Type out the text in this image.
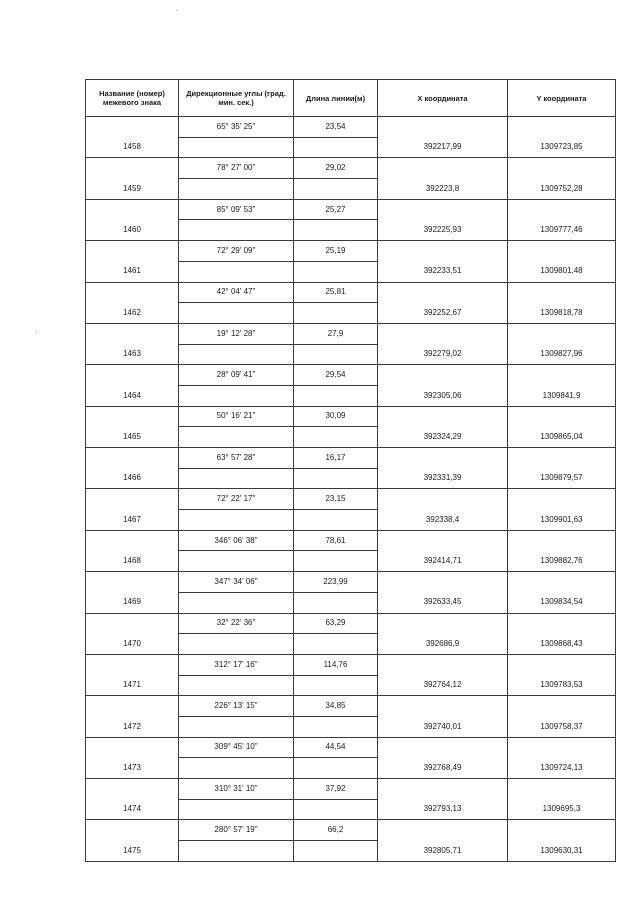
Название (номер) межевого знака	Дирекционные углы (град. мин. сек.)	Длина линии(м)	X координата	Y координата
	65° 35' 25"	23,54		
1458			392217,99	1309723,85
	78° 27' 00"	29,02		
1459			392223,8	1309752,28
	85° 09' 53"	25,27		
1460			392225,93	1309777,46
	72° 29' 09"	25,19		
1461			392233,51	1309801,48
	42° 04' 47"	25,81		
1462			392252,67	1309818,78
	19° 12' 28"	27,9		
1463			392279,02	1309827,96
	28° 09' 41"	29,54		
1464			392305,06	1309841,9
	50° 16' 21"	30,09		
1465			392324,29	1309865,04
	63° 57' 28"	16,17		
1466			392331,39	1309879,57
	72° 22' 17"	23,15		
1467			392338,4	1309901,63
	346° 06' 38"	78,61		
1468			392414,71	1309882,76
	347° 34' 06"	223,99		
1469			392633,45	1309834,54
	32° 22' 36"	63,29		
1470			392686,9	1309868,43
	312° 17' 16"	114,76		
1471			392764,12	1309783,53
	226° 13' 15"	34,85		
1472			392740,01	1309758,37
	309° 45' 10"	44,54		
1473			392768,49	1309724,13
	310° 31' 10"	37,92		
1474			392793,13	1309695,3
	280° 57' 19"	66,2		
1475			392805,71	1309630,31
